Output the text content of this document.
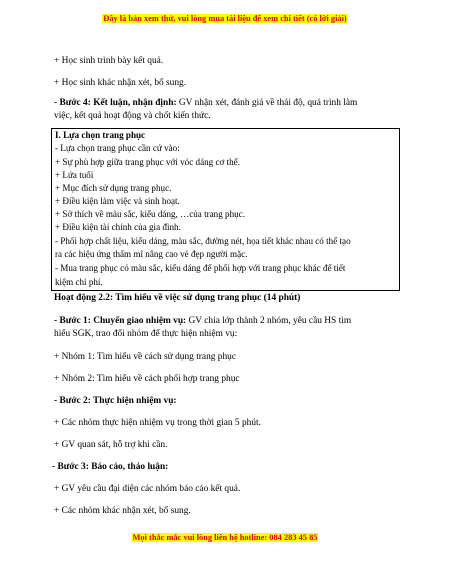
Đây là bản xem thử, vui lòng mua tài liệu để xem chi tiết (có lời giải)
+ Học sinh trình bày kết quả.
+ Học sinh khác nhận xét, bổ sung.
- Bước 4: Kết luận, nhận định: GV nhận xét, đánh giá về thái độ, quá trình làm
việc, kết quả hoạt động và chốt kiến thức.
I. Lựa chọn trang phục
- Lựa chọn trang phục cần cứ vào:
+ Sự phù hợp giữa trang phục với vóc dáng cơ thể.
+ Lứa tuổi
+ Mục đích sử dụng trang phục.
+ Điều kiện làm việc và sinh hoạt.
+ Sở thích về màu sắc, kiểu dáng, …của trang phục.
+ Điều kiện tài chính của gia đình.
- Phối hợp chất liệu, kiểu dáng, màu sắc, đường nét, họa tiết khác nhau có thể tạo
ra các hiệu ứng thẩm mĩ nâng cao vẻ đẹp người mặc.
- Mua trang phục có màu sắc, kiểu dáng để phối hợp với trang phục khác để tiết
kiệm chi phí.
Hoạt động 2.2: Tìm hiểu về việc sử dụng trang phục (14 phút)
- Bước 1: Chuyển giao nhiệm vụ: GV chia lớp thành 2 nhóm, yêu cầu HS tìm
hiểu SGK, trao đổi nhóm để thực hiện nhiệm vụ:
+ Nhóm 1: Tìm hiểu về cách sử dụng trang phục
+ Nhóm 2: Tìm hiểu về cách phối hợp trang phục
- Bước 2: Thực hiện nhiệm vụ:
+ Các nhóm thực hiện nhiệm vụ trong thời gian 5 phút.
+ GV quan sát, hỗ trợ khi cần.
- Bước 3: Báo cáo, thảo luận:
+ GV yêu cầu đại diện các nhóm báo cáo kết quả.
+ Các nhóm khác nhận xét, bổ sung.
Mọi thắc mắc vui lòng liên hệ hotline: 084 283 45 85
